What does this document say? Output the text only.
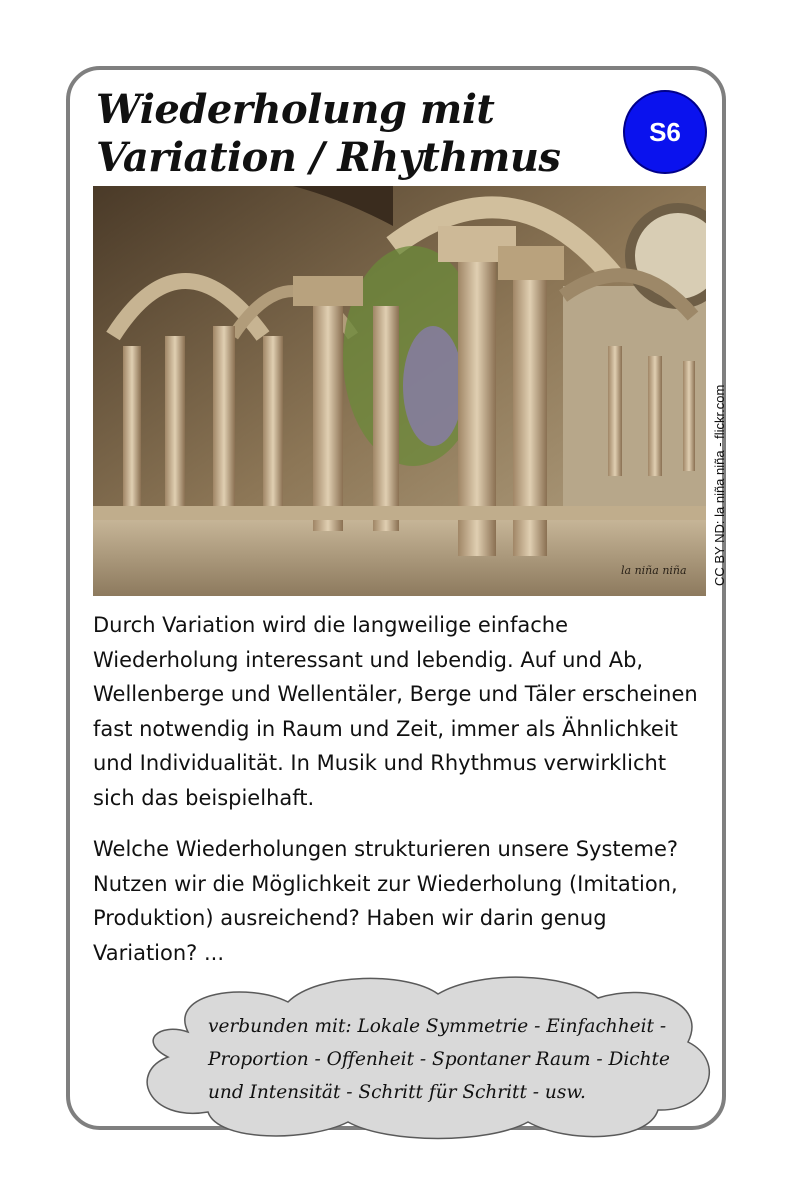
Wiederholung mit
Variation / Rhythmus
S6
la niña niña CC BY ND: la niña niña - flickr.com
Durch Variation wird die langweilige einfache Wiederholung interessant und lebendig. Auf und Ab, Wellenberge und Wellentäler, Berge und Täler erscheinen fast notwendig in Raum und Zeit, immer als Ähnlichkeit und Individualität. In Musik und Rhythmus verwirklicht sich das beispielhaft.
Welche Wiederholungen strukturieren unsere Systeme? Nutzen wir die Möglichkeit zur Wiederholung (Imitation, Produktion) ausreichend? Haben wir darin genug Variation? ...
verbunden mit: Lokale Symmetrie - Einfachheit -
Proportion - Offenheit - Spontaner Raum - Dichte
und Intensität - Schritt für Schritt - usw.
